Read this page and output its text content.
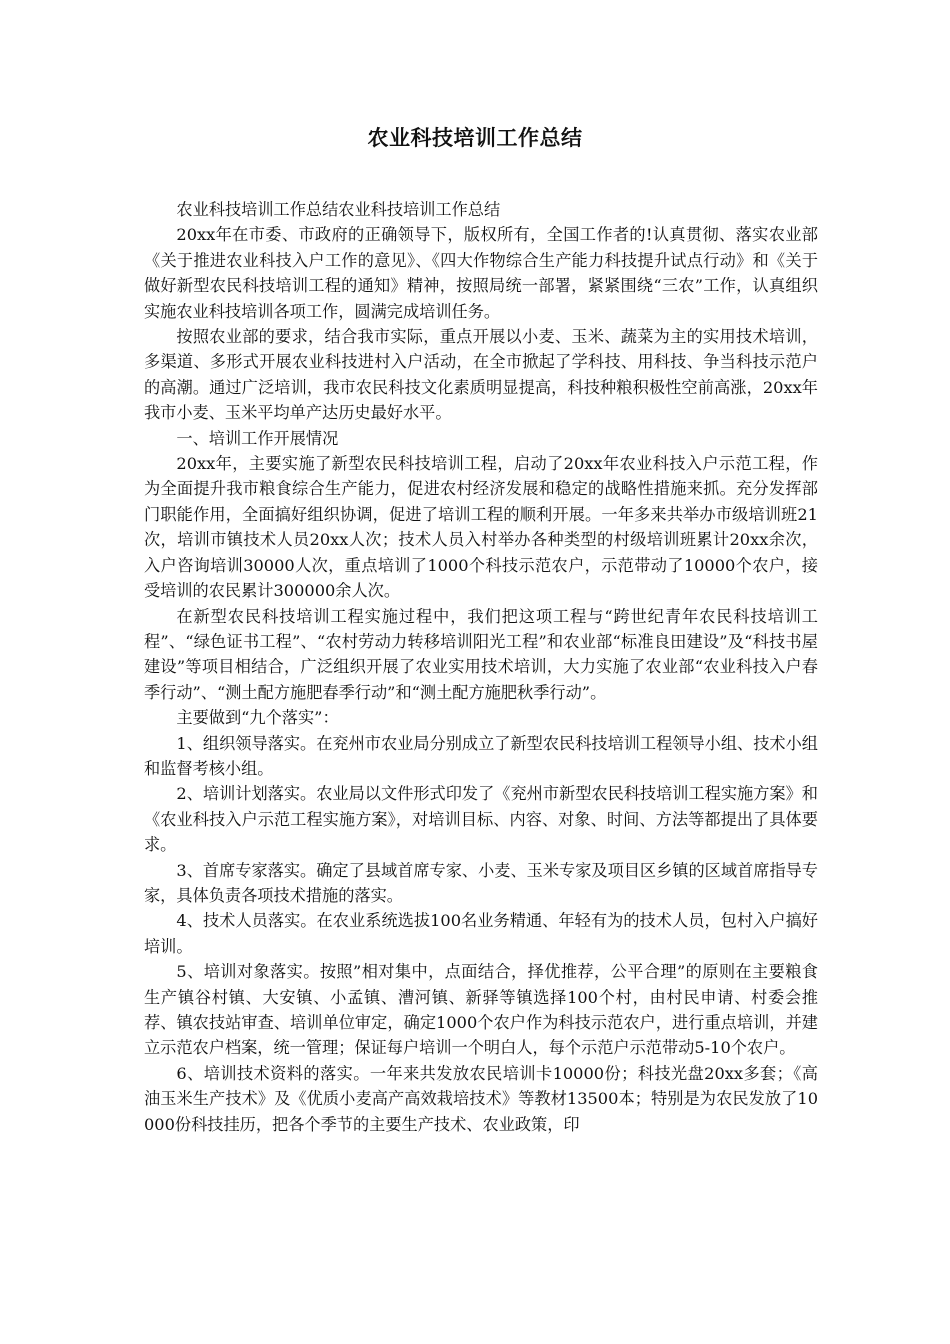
农业科技培训工作总结

农业科技培训工作总结农业科技培训工作总结

20xx年在市委、市政府的正确领导下，版权所有，全国工作者的!认真贯彻、落实农业部《关于推进农业科技入户工作的意见》、《四大作物综合生产能力科技提升试点行动》和《关于做好新型农民科技培训工程的通知》精神，按照局统一部署，紧紧围绕“三农”工作，认真组织实施农业科技培训各项工作，圆满完成培训任务。

按照农业部的要求，结合我市实际，重点开展以小麦、玉米、蔬菜为主的实用技术培训，多渠道、多形式开展农业科技进村入户活动，在全市掀起了学科技、用科技、争当科技示范户的高潮。通过广泛培训，我市农民科技文化素质明显提高，科技种粮积极性空前高涨，20xx年我市小麦、玉米平均单产达历史最好水平。

一、培训工作开展情况

20xx年，主要实施了新型农民科技培训工程，启动了20xx年农业科技入户示范工程，作为全面提升我市粮食综合生产能力，促进农村经济发展和稳定的战略性措施来抓。充分发挥部门职能作用，全面搞好组织协调，促进了培训工程的顺利开展。一年多来共举办市级培训班21次，培训市镇技术人员20xx人次；技术人员入村举办各种类型的村级培训班累计20xx余次，入户咨询培训30000人次，重点培训了1000个科技示范农户，示范带动了10000个农户，接受培训的农民累计300000余人次。

在新型农民科技培训工程实施过程中，我们把这项工程与“跨世纪青年农民科技培训工程”、“绿色证书工程”、“农村劳动力转移培训阳光工程”和农业部“标准良田建设”及“科技书屋建设”等项目相结合，广泛组织开展了农业实用技术培训，大力实施了农业部“农业科技入户春季行动”、“测土配方施肥春季行动”和“测土配方施肥秋季行动”。

主要做到“九个落实”：

1、组织领导落实。在兖州市农业局分别成立了新型农民科技培训工程领导小组、技术小组和监督考核小组。

2、培训计划落实。农业局以文件形式印发了《兖州市新型农民科技培训工程实施方案》和《农业科技入户示范工程实施方案》，对培训目标、内容、对象、时间、方法等都提出了具体要求。

3、首席专家落实。确定了县域首席专家、小麦、玉米专家及项目区乡镇的区域首席指导专家，具体负责各项技术措施的落实。

4、技术人员落实。在农业系统选拔100名业务精通、年轻有为的技术人员，包村入户搞好培训。

5、培训对象落实。按照”相对集中，点面结合，择优推荐，公平合理”的原则在主要粮食生产镇谷村镇、大安镇、小孟镇、漕河镇、新驿等镇选择100个村，由村民申请、村委会推荐、镇农技站审查、培训单位审定，确定1000个农户作为科技示范农户，进行重点培训，并建立示范农户档案，统一管理；保证每户培训一个明白人，每个示范户示范带动5-10个农户。

6、培训技术资料的落实。一年来共发放农民培训卡10000份；科技光盘20xx多套；《高油玉米生产技术》及《优质小麦高产高效栽培技术》等教材13500本；特别是为农民发放了10000份科技挂历，把各个季节的主要生产技术、农业政策，印
